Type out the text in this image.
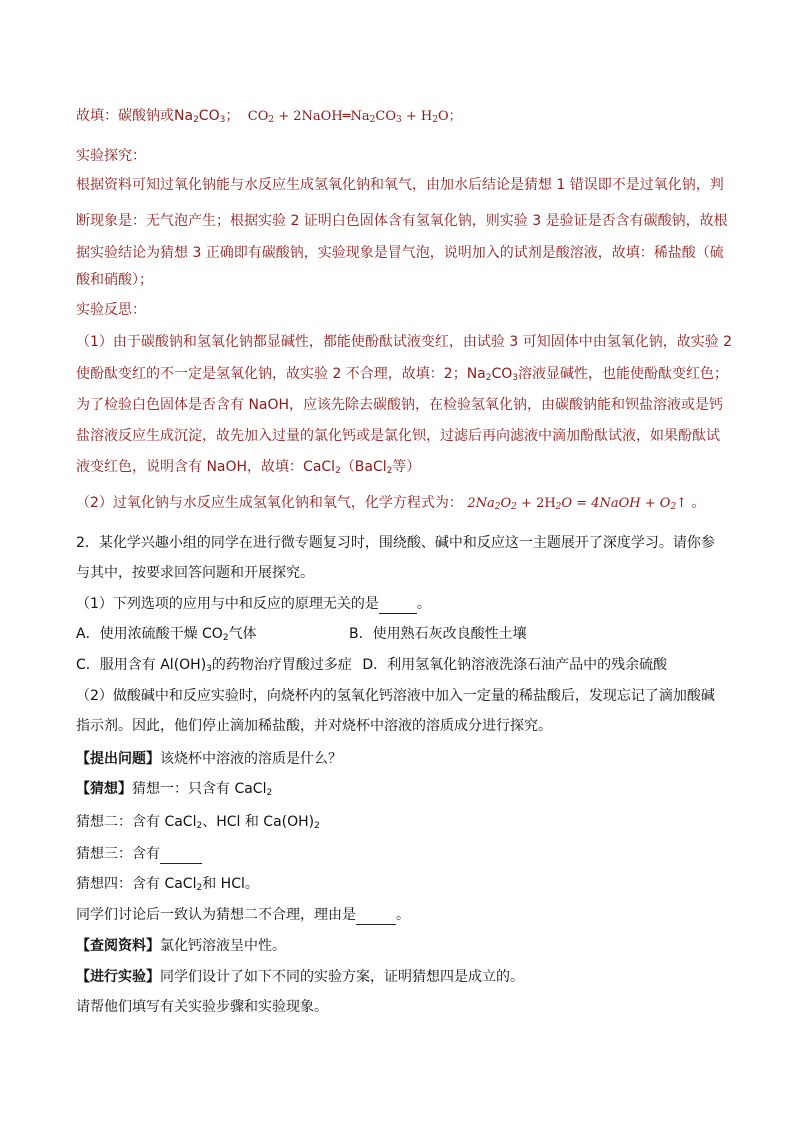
故填：碳酸钠或$Na_2CO_3$； $CO_2$ + $2NaOH═Na_2CO_3 + H_2O$；
实验探究：
根据资料可知过氧化钠能与水反应生成氢氧化钠和氧气，由加水后结论是猜想 1 错误即不是过氧化钠，判
断现象是：无气泡产生；根据实验 2 证明白色固体含有氢氧化钠，则实验 3 是验证是否含有碳酸钠，故根
据实验结论为猜想 3 正确即有碳酸钠，实验现象是冒气泡，说明加入的试剂是酸溶液，故填：稀盐酸（硫
酸和硝酸）；
实验反思：
（1）由于碳酸钠和氢氧化钠都显碱性，都能使酚酞试液变红，由试验 3 可知固体中由氢氧化钠，故实验 2
使酚酞变红的不一定是氢氧化钠，故实验 2 不合理，故填：2；$Na_2CO_3$溶液显碱性，也能使酚酞变红色；
为了检验白色固体是否含有 NaOH，应该先除去碳酸钠，在检验氢氧化钠，由碳酸钠能和钡盐溶液或是钙
盐溶液反应生成沉淀，故先加入过量的氯化钙或是氯化钡，过滤后再向滤液中滴加酚酞试液，如果酚酞试
液变红色，说明含有 NaOH，故填：CaCl$_2$（BaCl$_2$等）
（2）过氧化钠与水反应生成氢氧化钠和氧气，化学方程式为： $2Na_2O_2 + 2H_2O$ = 4NaOH + $O_2↑$ 。
2．某化学兴趣小组的同学在进行微专题复习时，围绕酸、碱中和反应这一主题展开了深度学习。请你参
与其中，按要求回答问题和开展探究。
（1）下列选项的应用与中和反应的原理无关的是	。
A．使用浓硫酸干燥 $CO_2$气体	B．使用熟石灰改良酸性土壤
C．服用含有 $Al(OH)_3$的药物治疗胃酸过多症 D．利用氢氧化钠溶液洗涤石油产品中的残余硫酸
（2）做酸碱中和反应实验时，向烧杯内的氢氧化钙溶液中加入一定量的稀盐酸后，发现忘记了滴加酸碱
指示剂。因此，他们停止滴加稀盐酸，并对烧杯中溶液的溶质成分进行探究。
【提出问题】该烧杯中溶液的溶质是什么？
【猜想】猜想一：只含有 CaCl$_2$
猜想二：含有 CaCl$_2$、HCl 和 $Ca(OH)_2$
猜想三：含有
猜想四：含有 CaCl$_2$和 HCl。
同学们讨论后一致认为猜想二不合理，理由是	。
【查阅资料】氯化钙溶液呈中性。
【进行实验】同学们设计了如下不同的实验方案，证明猜想四是成立的。
请帮他们填写有关实验步骤和实验现象。
